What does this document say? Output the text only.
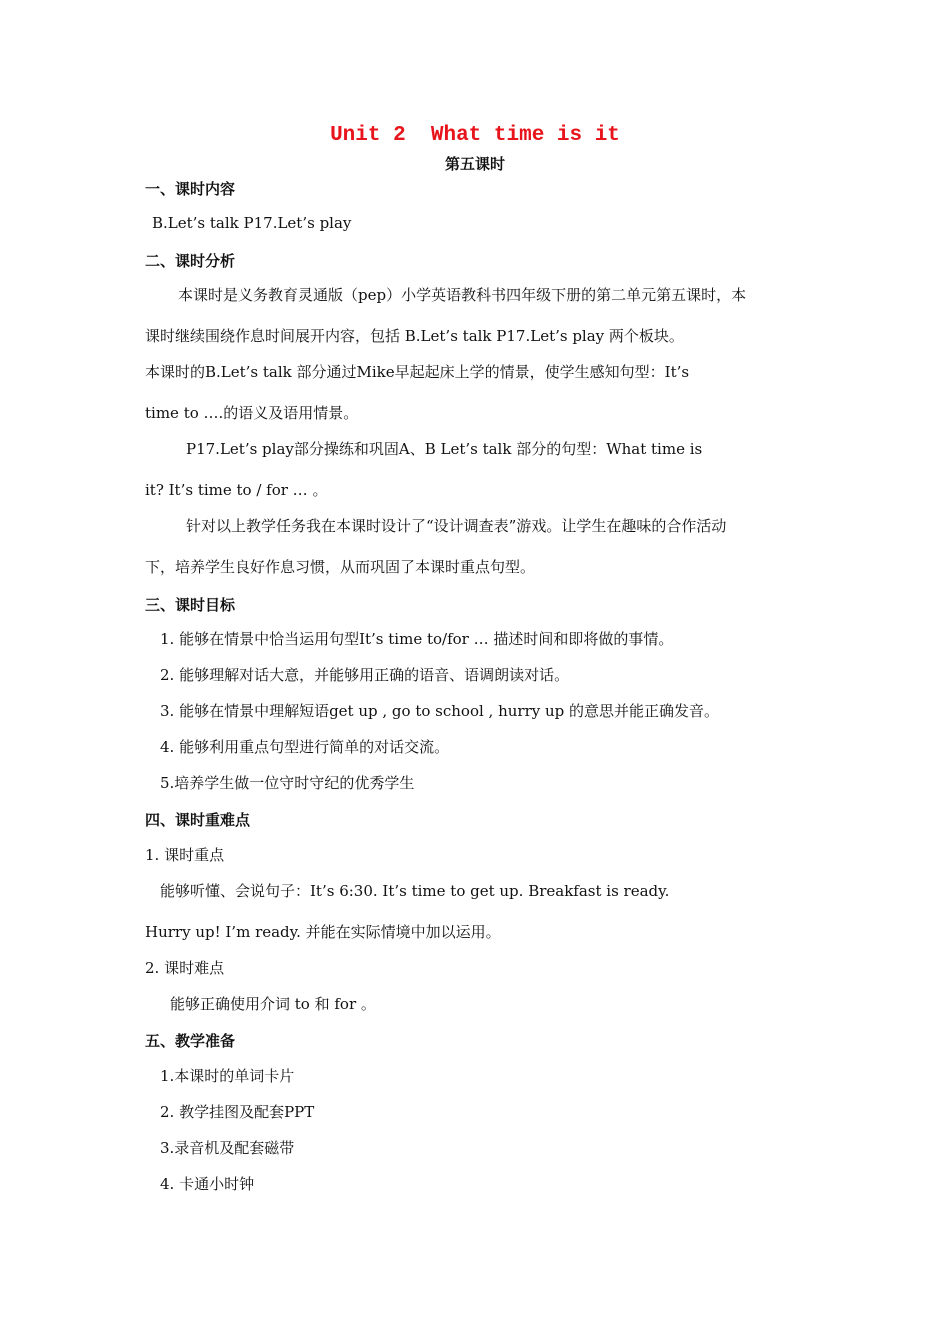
Unit 2  What time is it
第五课时
一、课时内容
B.Let’s talk P17.Let’s play
二、课时分析
本课时是义务教育灵通版（pep）小学英语教科书四年级下册的第二单元第五课时，本
课时继续围绕作息时间展开内容，包括 B.Let’s talk P17.Let’s play 两个板块。
本课时的B.Let’s talk 部分通过Mike早起起床上学的情景，使学生感知句型：It’s
time to ….的语义及语用情景。
P17.Let’s play部分操练和巩固A、B Let’s talk 部分的句型：What time is
it? It’s time to / for … 。
针对以上教学任务我在本课时设计了“设计调查表”游戏。让学生在趣味的合作活动
下，培养学生良好作息习惯，从而巩固了本课时重点句型。
三、课时目标
1. 能够在情景中恰当运用句型It’s time to/for … 描述时间和即将做的事情。
2. 能够理解对话大意，并能够用正确的语音、语调朗读对话。
3. 能够在情景中理解短语get up , go to school , hurry up 的意思并能正确发音。
4. 能够利用重点句型进行简单的对话交流。
5.培养学生做一位守时守纪的优秀学生
四、课时重难点
1. 课时重点
能够听懂、会说句子：It’s 6:30. It’s time to get up. Breakfast is ready.
Hurry up! I’m ready. 并能在实际情境中加以运用。
2. 课时难点
能够正确使用介词 to 和 for 。
五、教学准备
1.本课时的单词卡片
2. 教学挂图及配套PPT
3.录音机及配套磁带
4. 卡通小时钟
